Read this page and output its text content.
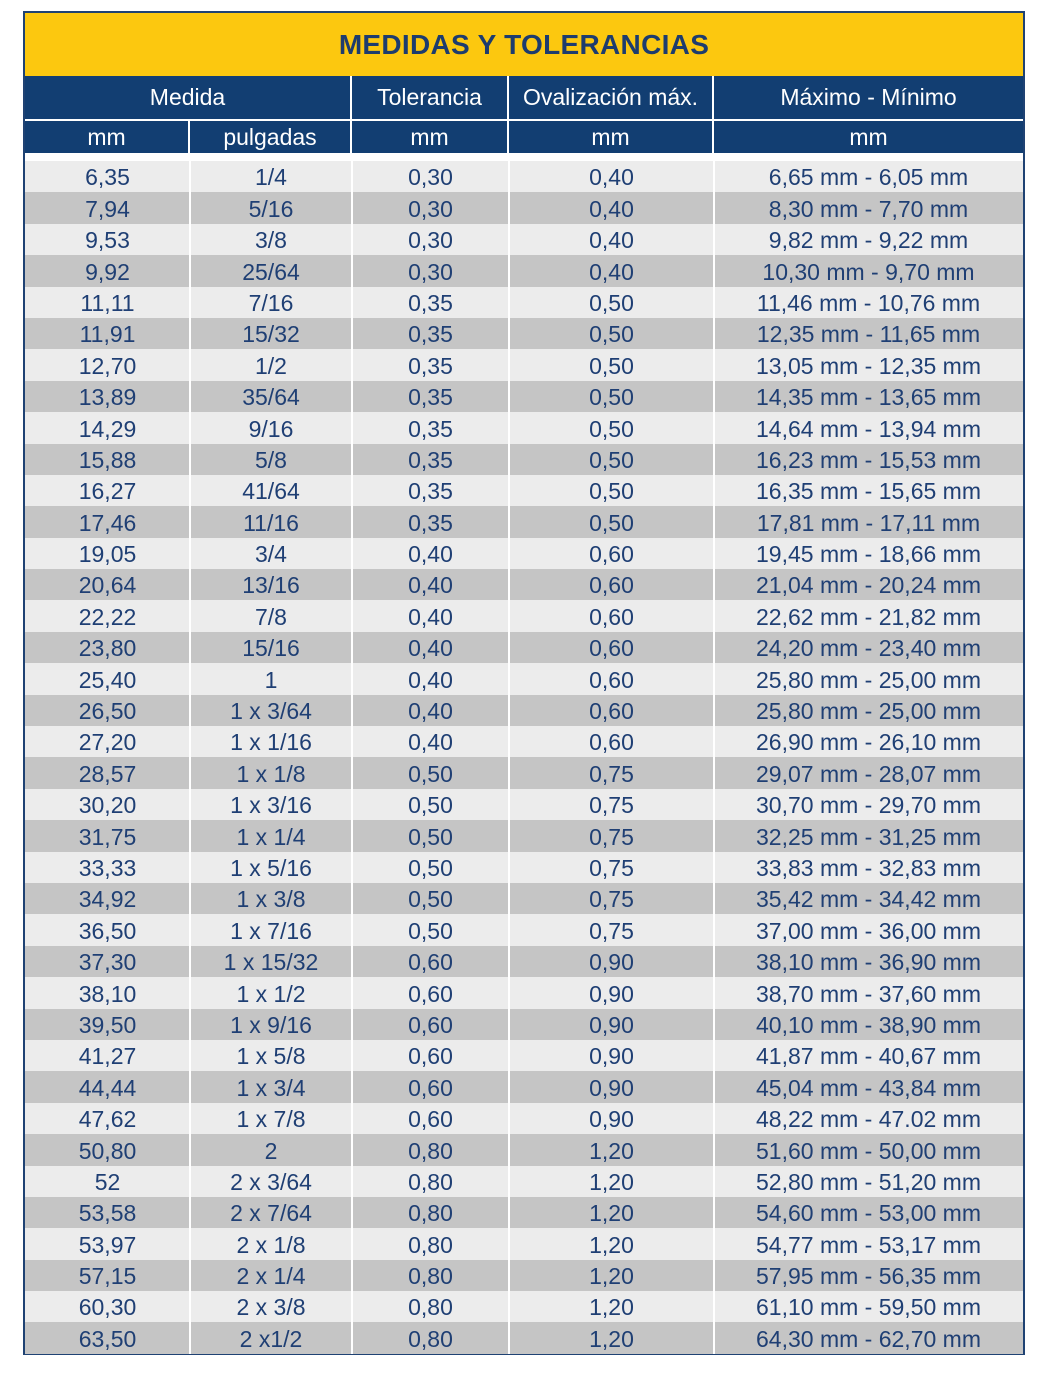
MEDIDAS Y TOLERANCIAS
Medida	Tolerancia	Ovalización máx.	Máximo - Mínimo
mm	pulgadas	mm	mm	mm
6,35	1/4	0,30	0,40	6,65 mm - 6,05 mm
7,94	5/16	0,30	0,40	8,30 mm - 7,70 mm
9,53	3/8	0,30	0,40	9,82 mm - 9,22 mm
9,92	25/64	0,30	0,40	10,30 mm - 9,70 mm
11,11	7/16	0,35	0,50	11,46 mm - 10,76 mm
11,91	15/32	0,35	0,50	12,35 mm - 11,65 mm
12,70	1/2	0,35	0,50	13,05 mm - 12,35 mm
13,89	35/64	0,35	0,50	14,35 mm - 13,65 mm
14,29	9/16	0,35	0,50	14,64 mm - 13,94 mm
15,88	5/8	0,35	0,50	16,23 mm - 15,53 mm
16,27	41/64	0,35	0,50	16,35 mm - 15,65 mm
17,46	11/16	0,35	0,50	17,81 mm - 17,11 mm
19,05	3/4	0,40	0,60	19,45 mm - 18,66 mm
20,64	13/16	0,40	0,60	21,04 mm - 20,24 mm
22,22	7/8	0,40	0,60	22,62 mm - 21,82 mm
23,80	15/16	0,40	0,60	24,20 mm - 23,40 mm
25,40	1	0,40	0,60	25,80 mm - 25,00 mm
26,50	1 x 3/64	0,40	0,60	25,80 mm - 25,00 mm
27,20	1 x 1/16	0,40	0,60	26,90 mm - 26,10 mm
28,57	1 x 1/8	0,50	0,75	29,07 mm - 28,07 mm
30,20	1 x 3/16	0,50	0,75	30,70 mm - 29,70 mm
31,75	1 x 1/4	0,50	0,75	32,25 mm - 31,25 mm
33,33	1 x 5/16	0,50	0,75	33,83 mm - 32,83 mm
34,92	1 x 3/8	0,50	0,75	35,42 mm - 34,42 mm
36,50	1 x 7/16	0,50	0,75	37,00 mm - 36,00 mm
37,30	1 x 15/32	0,60	0,90	38,10 mm - 36,90 mm
38,10	1 x 1/2	0,60	0,90	38,70 mm - 37,60 mm
39,50	1 x 9/16	0,60	0,90	40,10 mm - 38,90 mm
41,27	1 x 5/8	0,60	0,90	41,87 mm - 40,67 mm
44,44	1 x 3/4	0,60	0,90	45,04 mm - 43,84 mm
47,62	1 x 7/8	0,60	0,90	48,22 mm - 47.02 mm
50,80	2	0,80	1,20	51,60 mm - 50,00 mm
52	2 x 3/64	0,80	1,20	52,80 mm - 51,20 mm
53,58	2 x 7/64	0,80	1,20	54,60 mm - 53,00 mm
53,97	2 x 1/8	0,80	1,20	54,77 mm - 53,17 mm
57,15	2 x 1/4	0,80	1,20	57,95 mm - 56,35 mm
60,30	2 x 3/8	0,80	1,20	61,10 mm - 59,50 mm
63,50	2 x1/2	0,80	1,20	64,30 mm - 62,70 mm
